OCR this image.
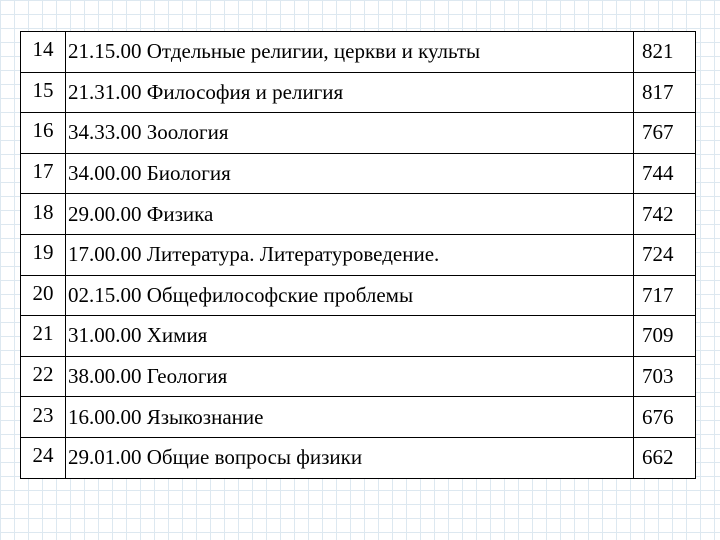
14	21.15.00 Отдельные религии, церкви и культы	821
15	21.31.00 Философия и религия	817
16	34.33.00 Зоология	767
17	34.00.00 Биология	744
18	29.00.00 Физика	742
19	17.00.00 Литература. Литературоведение.	724
20	02.15.00 Общефилософские проблемы	717
21	31.00.00 Химия	709
22	38.00.00 Геология	703
23	16.00.00 Языкознание	676
24	29.01.00 Общие вопросы физики	662
